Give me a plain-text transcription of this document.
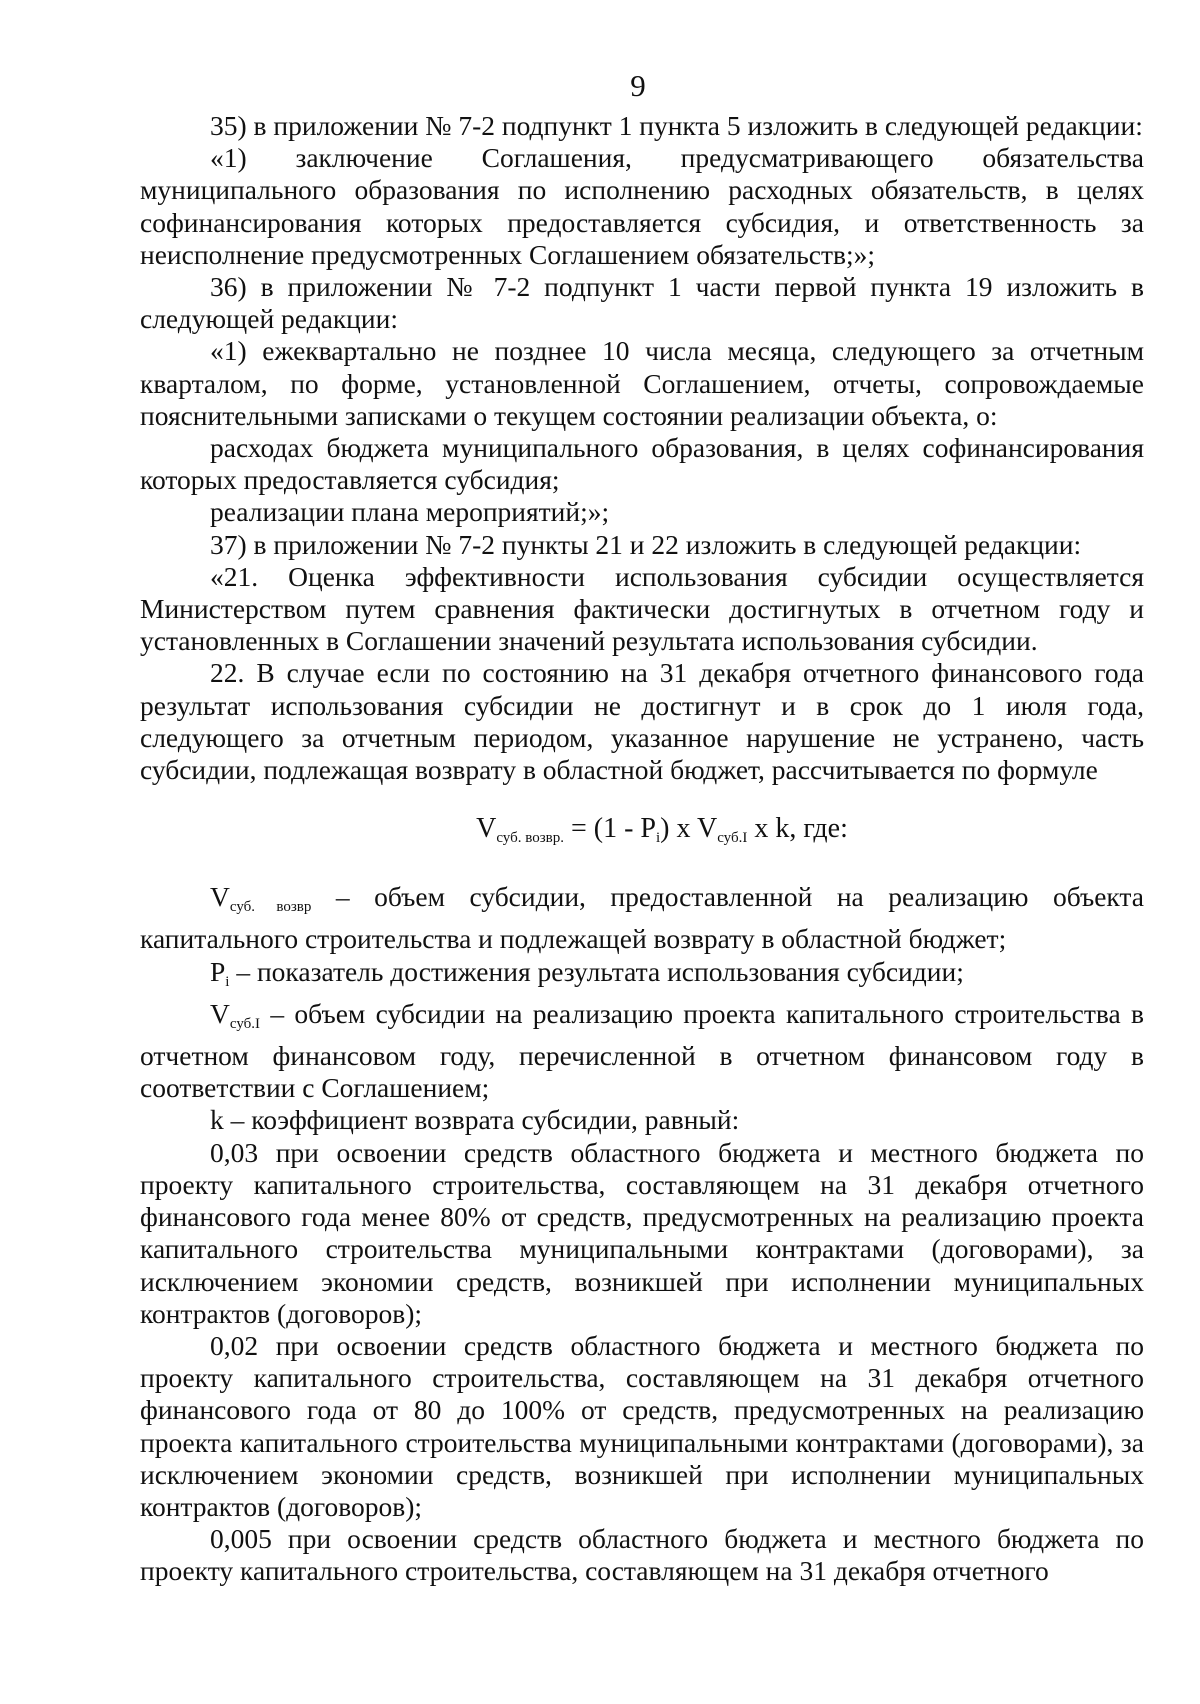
9

35) в приложении № 7-2 подпункт 1 пункта 5 изложить в следующей редакции:

«1) заключение Соглашения, предусматривающего обязательства муниципального образования по исполнению расходных обязательств, в целях софинансирования которых предоставляется субсидия, и ответственность за неисполнение предусмотренных Соглашением обязательств;»;

36) в приложении № 7-2 подпункт 1 части первой пункта 19 изложить в следующей редакции:

«1) ежеквартально не позднее 10 числа месяца, следующего за отчетным кварталом, по форме, установленной Соглашением, отчеты, сопровождаемые пояснительными записками о текущем состоянии реализации объекта, о:

расходах бюджета муниципального образования, в целях софинансирования которых предоставляется субсидия;

реализации плана мероприятий;»;

37) в приложении № 7-2 пункты 21 и 22 изложить в следующей редакции:

«21. Оценка эффективности использования субсидии осуществляется Министерством путем сравнения фактически достигнутых в отчетном году и установленных в Соглашении значений результата использования субсидии.

22. В случае если по состоянию на 31 декабря отчетного финансового года результат использования субсидии не достигнут и в срок до 1 июля года, следующего за отчетным периодом, указанное нарушение не устранено, часть субсидии, подлежащая возврату в областной бюджет, рассчитывается по формуле

$V_{суб. возвр.} = (1 - P_i)$ x $V_{суб.I}$ x k, где:

$V_{суб. возвр}$ – объем субсидии, предоставленной на реализацию объекта капитального строительства и подлежащей возврату в областной бюджет;

$P_i$ – показатель достижения результата использования субсидии;

$V_{суб.I}$ – объем субсидии на реализацию проекта капитального строительства в отчетном финансовом году, перечисленной в отчетном финансовом году в соответствии с Соглашением;

k – коэффициент возврата субсидии, равный:

0,03 при освоении средств областного бюджета и местного бюджета по проекту капитального строительства, составляющем на 31 декабря отчетного финансового года менее 80% от средств, предусмотренных на реализацию проекта капитального строительства муниципальными контрактами (договорами), за исключением экономии средств, возникшей при исполнении муниципальных контрактов (договоров);

0,02 при освоении средств областного бюджета и местного бюджета по проекту капитального строительства, составляющем на 31 декабря отчетного финансового года от 80 до 100% от средств, предусмотренных на реализацию проекта капитального строительства муниципальными контрактами (договорами), за исключением экономии средств, возникшей при исполнении муниципальных контрактов (договоров);

0,005 при освоении средств областного бюджета и местного бюджета по проекту капитального строительства, составляющем на 31 декабря отчетного
